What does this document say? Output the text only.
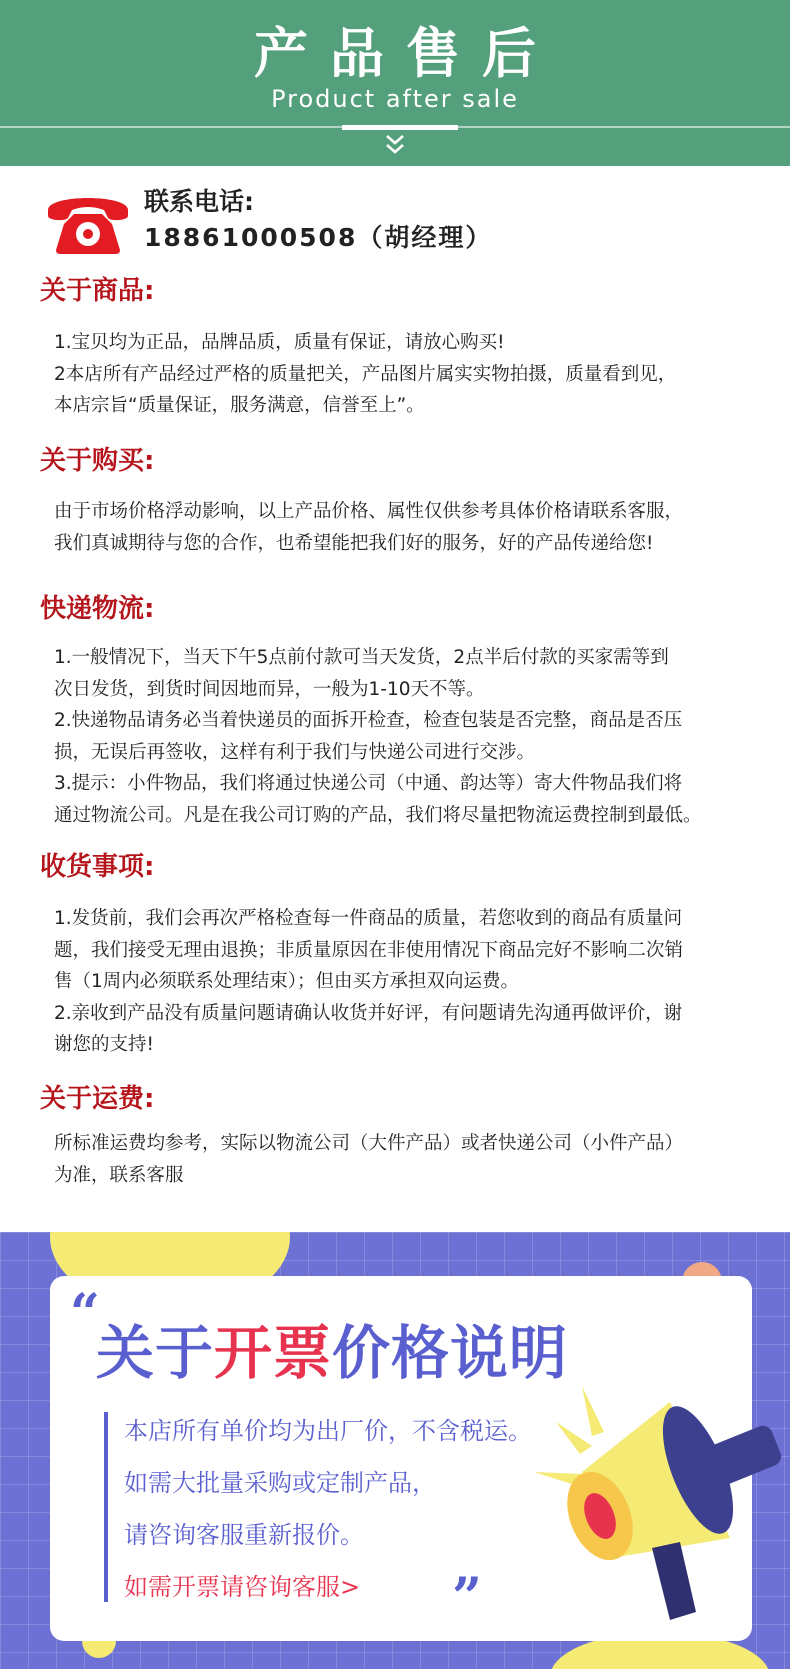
产品售后
Product after sale
联系电话:
18861000508（胡经理）
关于商品:
1.宝贝均为正品，品牌品质，质量有保证，请放心购买!
2本店所有产品经过严格的质量把关，产品图片属实实物拍摄，质量看到见，
本店宗旨“质量保证，服务满意，信誉至上”。
关于购买:
由于市场价格浮动影响，以上产品价格、属性仅供参考具体价格请联系客服，
我们真诚期待与您的合作，也希望能把我们好的服务，好的产品传递给您!
快递物流:
1.一般情况下，当天下午5点前付款可当天发货，2点半后付款的买家需等到
次日发货，到货时间因地而异，一般为1-10天不等。
2.快递物品请务必当着快递员的面拆开检查，检查包装是否完整，商品是否压
损，无误后再签收，这样有利于我们与快递公司进行交涉。
3.提示：小件物品，我们将通过快递公司（中通、韵达等）寄大件物品我们将
通过物流公司。凡是在我公司订购的产品，我们将尽量把物流运费控制到最低。
收货事项:
1.发货前，我们会再次严格检查每一件商品的质量，若您收到的商品有质量问
题，我们接受无理由退换；非质量原因在非使用情况下商品完好不影响二次销
售（1周内必须联系处理结束）；但由买方承担双向运费。
2.亲收到产品没有质量问题请确认收货并好评，有问题请先沟通再做评价，谢
谢您的支持!
关于运费:
所标准运费均参考，实际以物流公司（大件产品）或者快递公司（小件产品）
为准，联系客服
“
关于开票价格说明
本店所有单价均为出厂价，不含税运。
如需大批量采购或定制产品，
请咨询客服重新报价。
如需开票请咨询客服> ”
